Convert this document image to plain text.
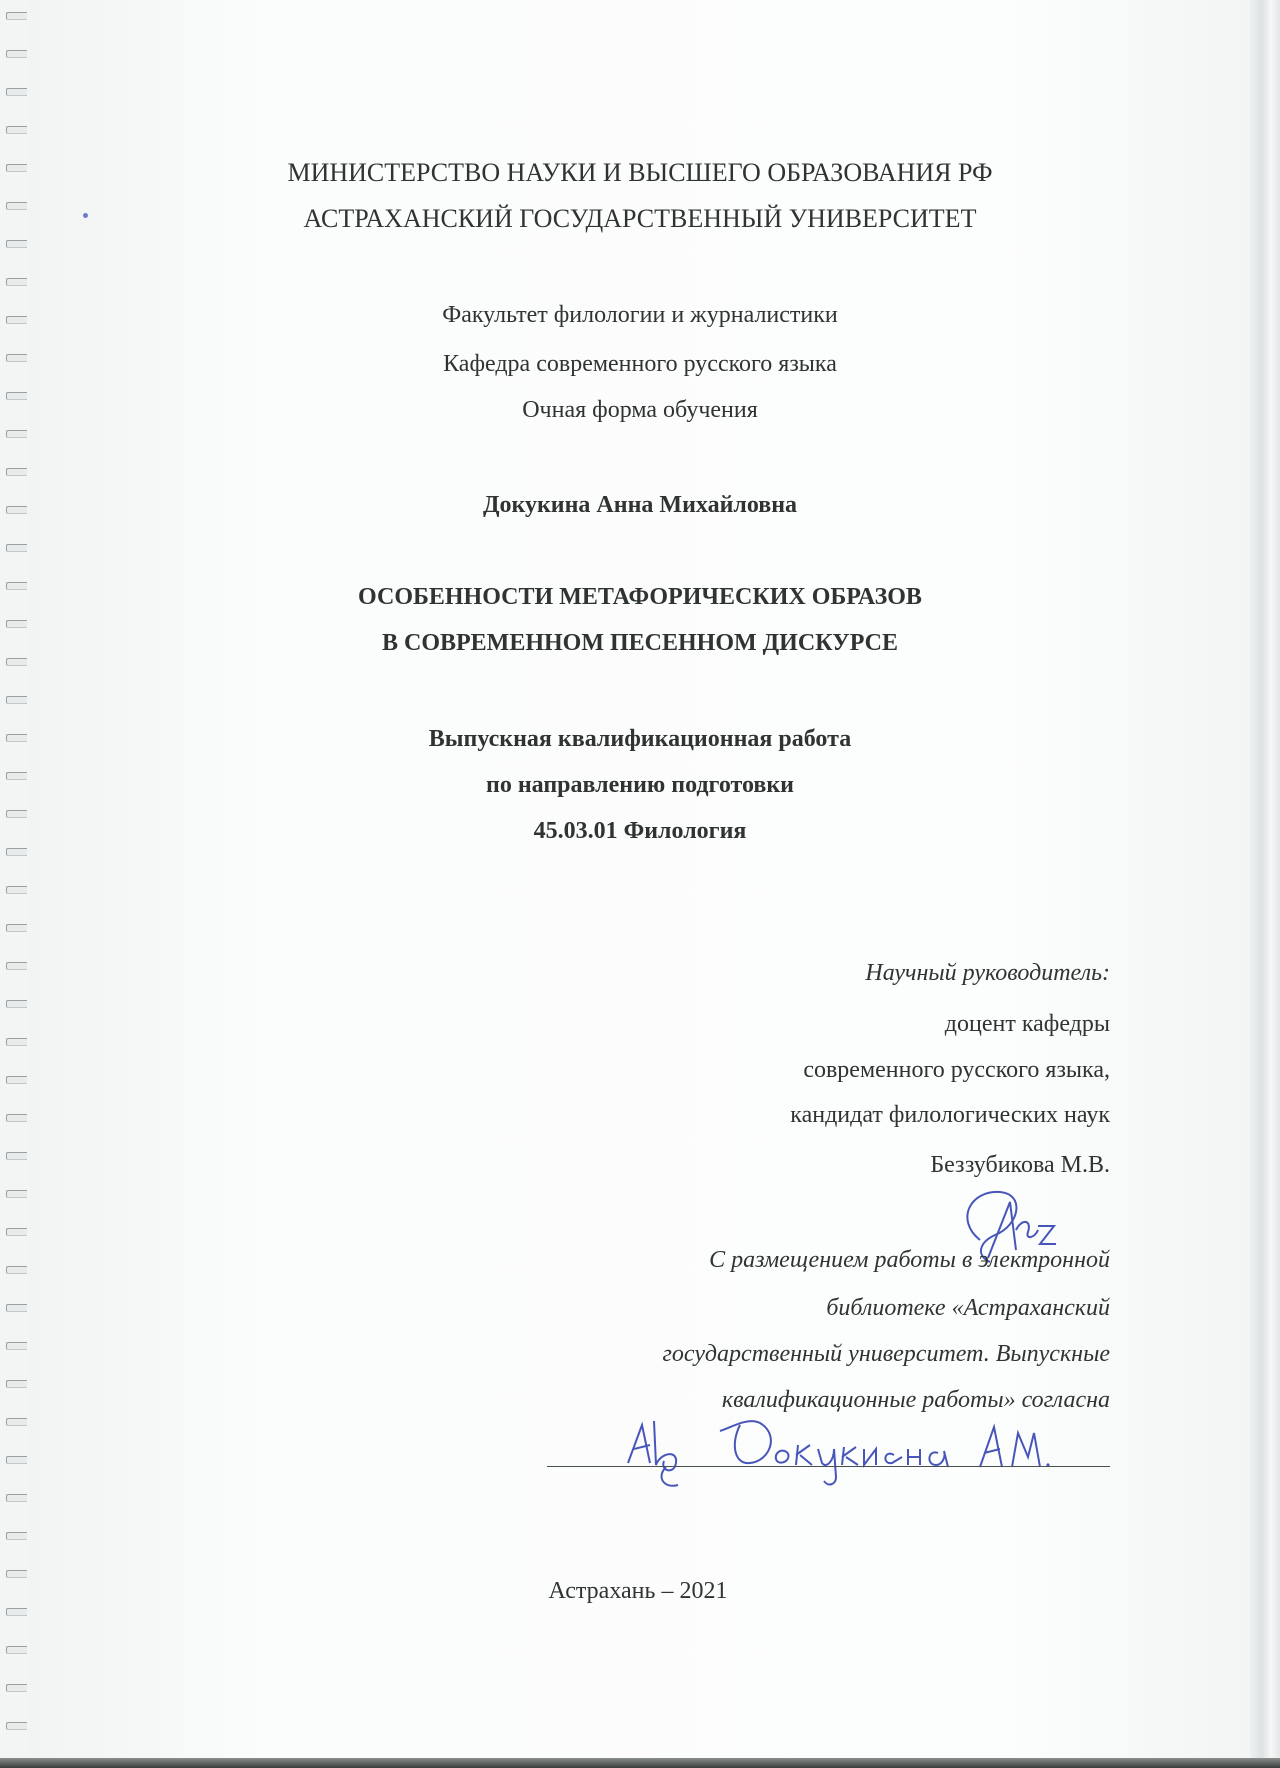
МИНИСТЕРСТВО НАУКИ И ВЫСШЕГО ОБРАЗОВАНИЯ РФ
АСТРАХАНСКИЙ ГОСУДАРСТВЕННЫЙ УНИВЕРСИТЕТ
Факультет филологии и журналистики
Кафедра современного русского языка
Очная форма обучения
Докукина Анна Михайловна
ОСОБЕННОСТИ МЕТАФОРИЧЕСКИХ ОБРАЗОВ
В СОВРЕМЕННОМ ПЕСЕННОМ ДИСКУРСЕ
Выпускная квалификационная работа
по направлению подготовки
45.03.01 Филология
Научный руководитель:
доцент кафедры
современного русского языка,
кандидат филологических наук
Беззубикова М.В.
С размещением работы в электронной
библиотеке «Астраханский
государственный университет. Выпускные
квалификационные работы» согласна
Астрахань – 2021
